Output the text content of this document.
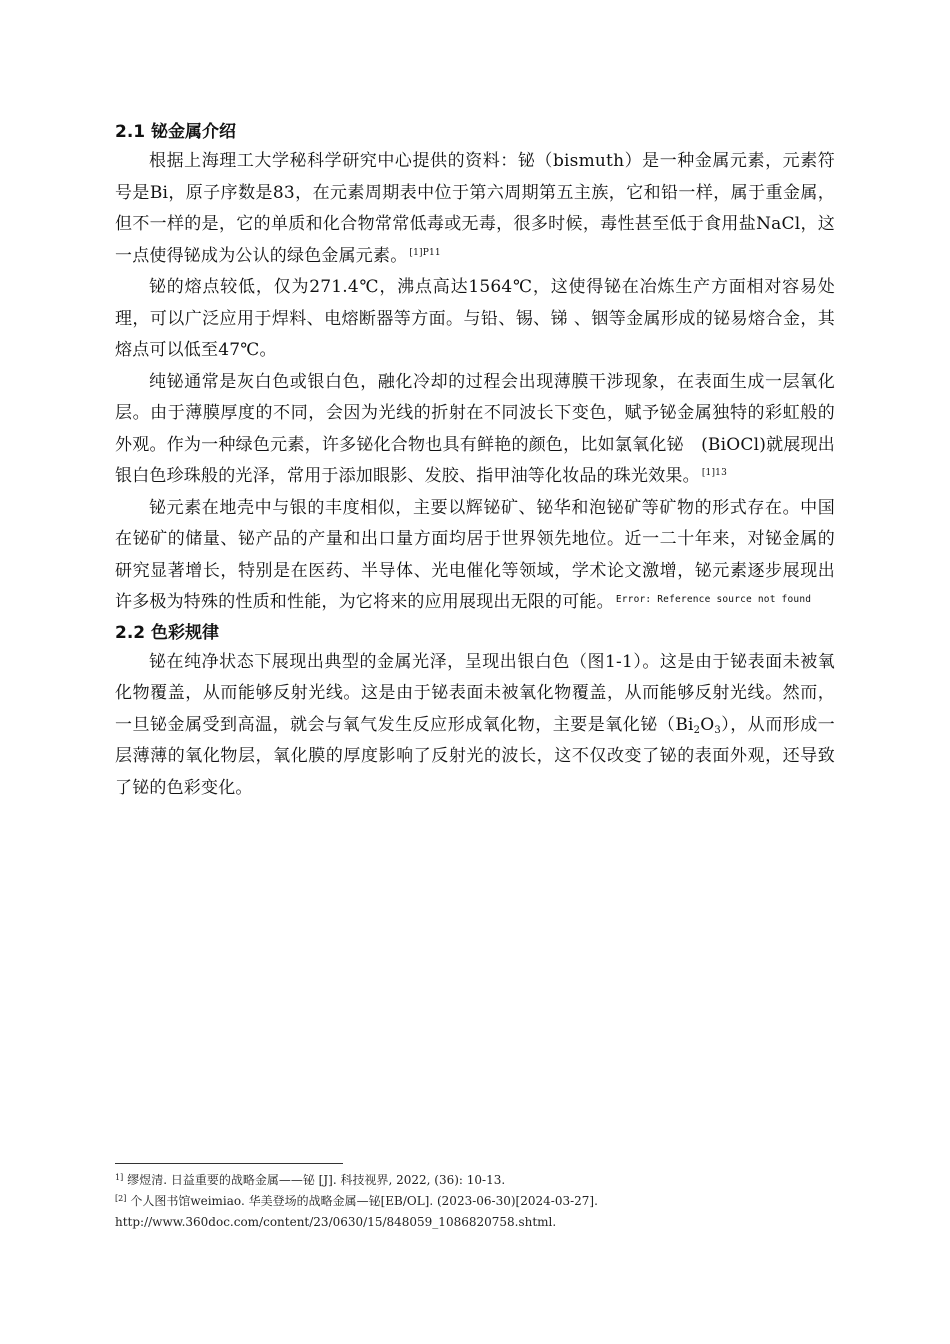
2.1 铋金属介绍

根据上海理工大学秘科学研究中心提供的资料：铋（bismuth）是一种金属元素，元素符号是Bi，原子序数是83，在元素周期表中位于第六周期第五主族，它和铅一样，属于重金属，但不一样的是，它的单质和化合物常常低毒或无毒，很多时候，毒性甚至低于食用盐NaCl，这一点使得铋成为公认的绿色金属元素。 $^{[1]P11}$

铋的熔点较低，仅为271.4℃，沸点高达1564℃，这使得铋在冶炼生产方面相对容易处理，可以广泛应用于焊料、电熔断器等方面。与铅、锡、锑 、铟等金属形成的铋易熔合金，其熔点可以低至47℃。

纯铋通常是灰白色或银白色，融化冷却的过程会出现薄膜干涉现象，在表面生成一层氧化层。由于薄膜厚度的不同，会因为光线的折射在不同波长下变色，赋予铋金属独特的彩虹般的外观。作为一种绿色元素，许多铋化合物也具有鲜艳的颜色，比如氯氧化铋　(BiOCl)就展现出银白色珍珠般的光泽，常用于添加眼影、发胶、指甲油等化妆品的珠光效果。 $^{[1]13}$

铋元素在地壳中与银的丰度相似，主要以辉铋矿、铋华和泡铋矿等矿物的形式存在。中国在铋矿的储量、铋产品的产量和出口量方面均居于世界领先地位。近一二十年来，对铋金属的研究显著增长，特别是在医药、半导体、光电催化等领域，学术论文激增，铋元素逐步展现出许多极为特殊的性质和性能，为它将来的应用展现出无限的可能。 $^{Error: Reference source not found}$

2.2 色彩规律

铋在纯净状态下展现出典型的金属光泽，呈现出银白色（图1-1）。这是由于铋表面未被氧化物覆盖，从而能够反射光线。这是由于铋表面未被氧化物覆盖，从而能够反射光线。然而，一旦铋金属受到高温，就会与氧气发生反应形成氧化物，主要是氧化铋$(Bi_2O_3)$，从而形成一层薄薄的氧化物层，氧化膜的厚度影响了反射光的波长，这不仅改变了铋的表面外观，还导致了铋的色彩变化。

$^{1]}$ 缪煜清. 日益重要的战略金属——铋 [J]. 科技视界, 2022, (36): 10-13.
[2] 个人图书馆weimiao. 华美登场的战略金属—铋[EB/OL]. (2023-06-30)[2024-03-27].
http://www.360doc.com/content/23/0630/15/848059_1086820758.shtml.
